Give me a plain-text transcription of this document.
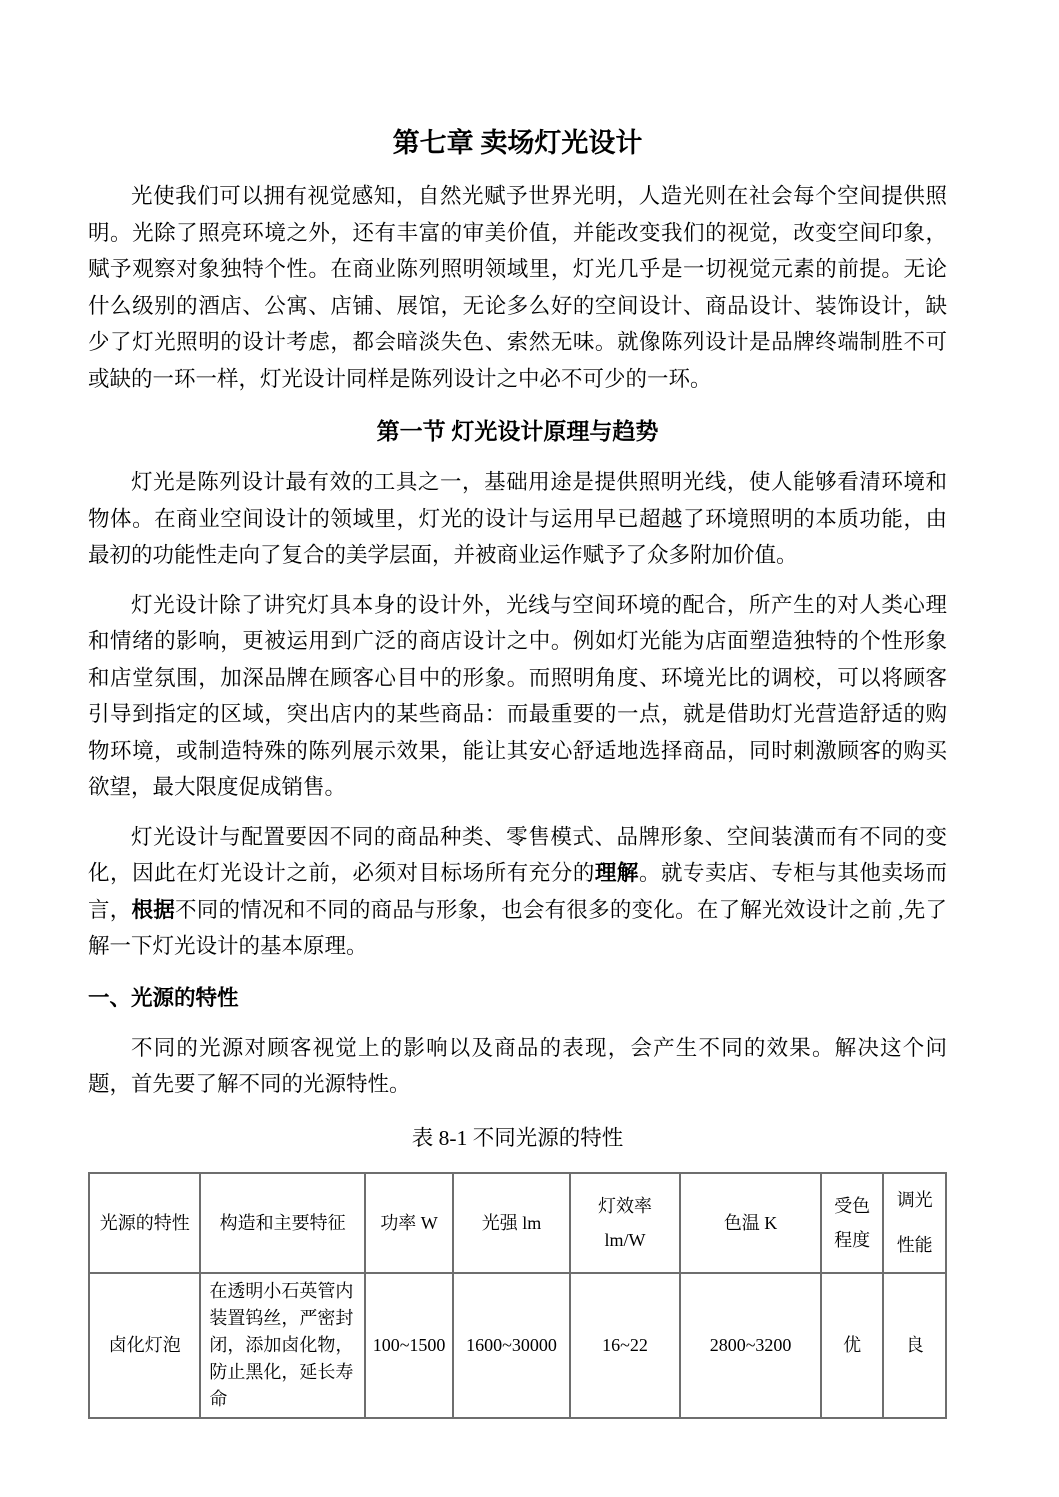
第七章 卖场灯光设计

光使我们可以拥有视觉感知，自然光赋予世界光明，人造光则在社会每个空间提供照明。光除了照亮环境之外，还有丰富的审美价值，并能改变我们的视觉，改变空间印象，赋予观察对象独特个性。在商业陈列照明领域里，灯光几乎是一切视觉元素的前提。无论什么级别的酒店、公寓、店铺、展馆，无论多么好的空间设计、商品设计、装饰设计，缺少了灯光照明的设计考虑，都会暗淡失色、索然无味。就像陈列设计是品牌终端制胜不可或缺的一环一样，灯光设计同样是陈列设计之中必不可少的一环。

第一节 灯光设计原理与趋势

灯光是陈列设计最有效的工具之一，基础用途是提供照明光线，使人能够看清环境和物体。在商业空间设计的领域里，灯光的设计与运用早已超越了环境照明的本质功能，由最初的功能性走向了复合的美学层面，并被商业运作赋予了众多附加价值。

灯光设计除了讲究灯具本身的设计外，光线与空间环境的配合，所产生的对人类心理和情绪的影响，更被运用到广泛的商店设计之中。例如灯光能为店面塑造独特的个性形象和店堂氛围，加深品牌在顾客心目中的形象。而照明角度、环境光比的调校，可以将顾客引导到指定的区域，突出店内的某些商品：而最重要的一点，就是借助灯光营造舒适的购物环境，或制造特殊的陈列展示效果，能让其安心舒适地选择商品，同时刺激顾客的购买欲望，最大限度促成销售。

灯光设计与配置要因不同的商品种类、零售模式、品牌形象、空间装潢而有不同的变化，因此在灯光设计之前，必须对目标场所有充分的理解。就专卖店、专柜与其他卖场而言，根据不同的情况和不同的商品与形象，也会有很多的变化。在了解光效设计之前 ,先了解一下灯光设计的基本原理。

一、光源的特性

不同的光源对顾客视觉上的影响以及商品的表现，会产生不同的效果。解决这个问题，首先要了解不同的光源特性。

表 8-1 不同光源的特性
光源的特性	构造和主要特征	功率 W	光强 lm	灯效率 lm/W	色温 K	受色程度	调光性能
卤化灯泡	在透明小石英管内装置钨丝，严密封闭，添加卤化物，防止黑化，延长寿命	100~1500	1600~30000	16~22	2800~3200	优	良
